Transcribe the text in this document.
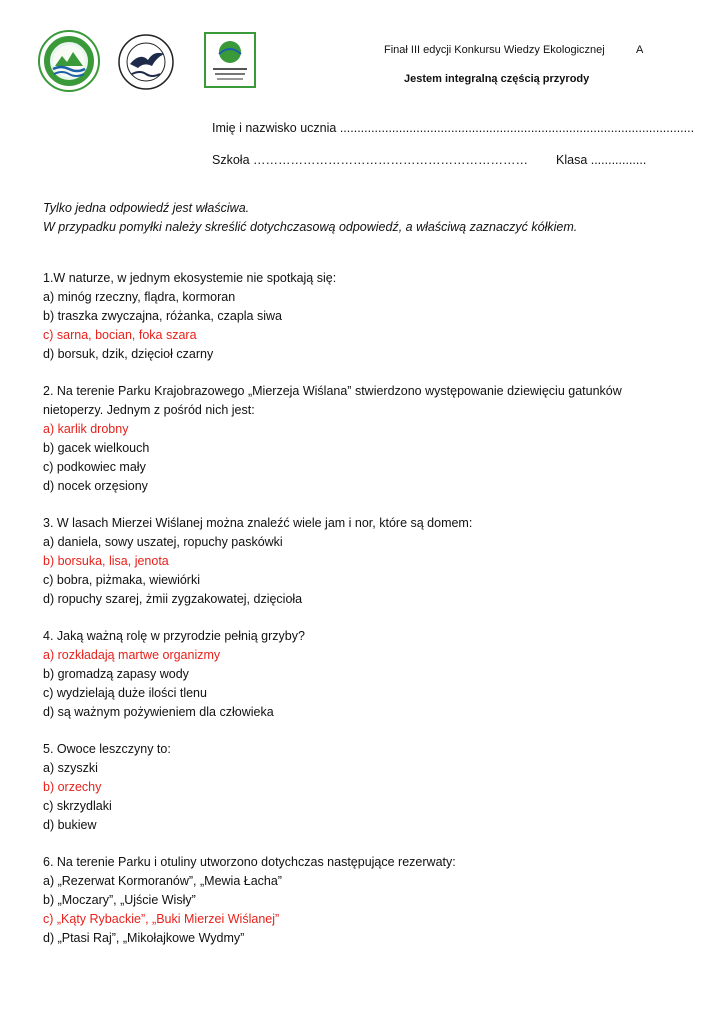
Finał III edycji Konkursu Wiedzy Ekologicznej	A
Jestem integralną częścią przyrody
Imię i nazwisko ucznia ......................................................................................................
Szkoła ………………………………………………………… Klasa ................
Tylko jedna odpowiedź jest właściwa.
W przypadku pomyłki należy skreślić dotychczasową odpowiedź, a właściwą zaznaczyć kółkiem.
1.W naturze, w jednym ekosystemie nie spotkają się:
a) minóg rzeczny, flądra, kormoran
b) traszka zwyczajna, różanka, czapla siwa
c) sarna, bocian, foka szara
d) borsuk, dzik, dzięcioł czarny
2. Na terenie Parku Krajobrazowego „Mierzeja Wiślana” stwierdzono występowanie dziewięciu gatunków nietoperzy. Jednym z pośród nich jest:
a) karlik drobny
b) gacek wielkouch
c) podkowiec mały
d) nocek orzęsiony
3. W lasach Mierzei Wiślanej można znaleźć wiele jam i nor, które są domem:
a) daniela, sowy uszatej, ropuchy paskówki
b) borsuka, lisa, jenota
c) bobra, piżmaka, wiewiórki
d) ropuchy szarej, żmii zygzakowatej, dzięcioła
4. Jaką ważną rolę w przyrodzie pełnią grzyby?
a) rozkładają martwe organizmy
b) gromadzą zapasy wody
c) wydzielają duże ilości tlenu
d) są ważnym pożywieniem dla człowieka
5. Owoce leszczyny to:
a) szyszki
b) orzechy
c) skrzydlaki
d) bukiew
6. Na terenie Parku i otuliny utworzono dotychczas następujące rezerwaty:
a) „Rezerwat Kormoranów”, „Mewia Łacha”
b) „Moczary”, „Ujście Wisły”
c) „Kąty Rybackie”, „Buki Mierzei Wiślanej”
d) „Ptasi Raj”, „Mikołajkowe Wydmy”
